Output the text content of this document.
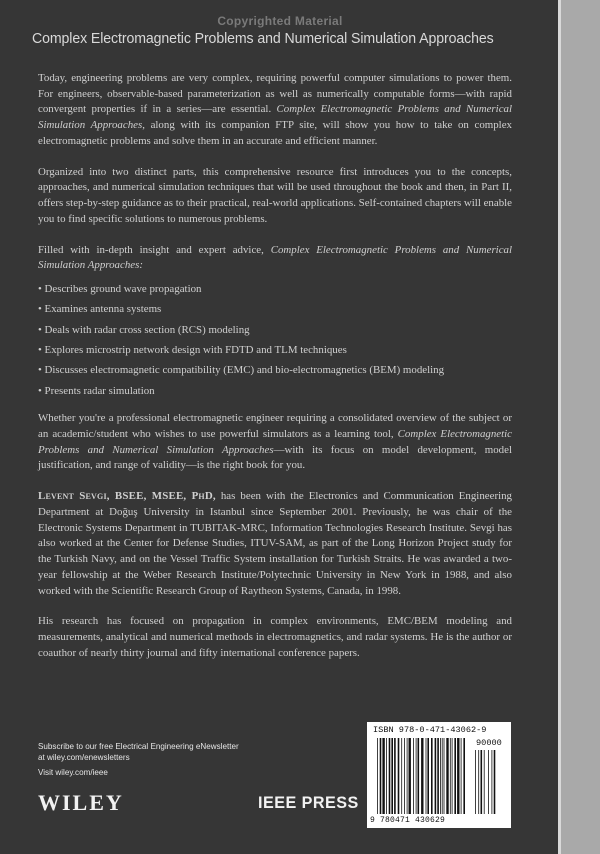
Copyrighted Material
Complex Electromagnetic Problems and Numerical Simulation Approaches

Today, engineering problems are very complex, requiring powerful computer simulations to power them. For engineers, observable-based parameterization as well as numerically computable forms—with rapid convergent properties if in a series—are essential. Complex Electromagnetic Problems and Numerical Simulation Approaches, along with its companion FTP site, will show you how to take on complex electromagnetic problems and solve them in an accurate and efficient manner.

Organized into two distinct parts, this comprehensive resource first introduces you to the concepts, approaches, and numerical simulation techniques that will be used throughout the book and then, in Part II, offers step-by-step guidance as to their practical, real-world applications. Self-contained chapters will enable you to find specific solutions to numerous problems.

Filled with in-depth insight and expert advice, Complex Electromagnetic Problems and Numerical Simulation Approaches:

• Describes ground wave propagation
• Examines antenna systems
• Deals with radar cross section (RCS) modeling
• Explores microstrip network design with FDTD and TLM techniques
• Discusses electromagnetic compatibility (EMC) and bio-electromagnetics (BEM) modeling
• Presents radar simulation

Whether you're a professional electromagnetic engineer requiring a consolidated overview of the subject or an academic/student who wishes to use powerful simulators as a learning tool, Complex Electromagnetic Problems and Numerical Simulation Approaches—with its focus on model development, model justification, and range of validity—is the right book for you.

Levent Sevgi, BSEE, MSEE, PhD, has been with the Electronics and Communication Engineering Department at Doğuş University in Istanbul since September 2001. Previously, he was chair of the Electronic Systems Department in TUBITAK-MRC, Information Technologies Research Institute. Sevgi has also worked at the Center for Defense Studies, ITUV-SAM, as part of the Long Horizon Project study for the Turkish Navy, and on the Vessel Traffic System installation for Turkish Straits. He was awarded a two-year fellowship at the Weber Research Institute/Polytechnic University in New York in 1988, and also worked with the Scientific Research Group of Raytheon Systems, Canada, in 1998.

His research has focused on propagation in complex environments, EMC/BEM modeling and measurements, analytical and numerical methods in electromagnetics, and radar systems. He is the author or coauthor of nearly thirty journal and fifty international conference papers.

Subscribe to our free Electrical Engineering eNewsletter
at wiley.com/enewsletters
Visit wiley.com/ieee
WILEY	IEEE PRESS
ISBN 978-0-471-43062-9
90000
9 780471 430629
